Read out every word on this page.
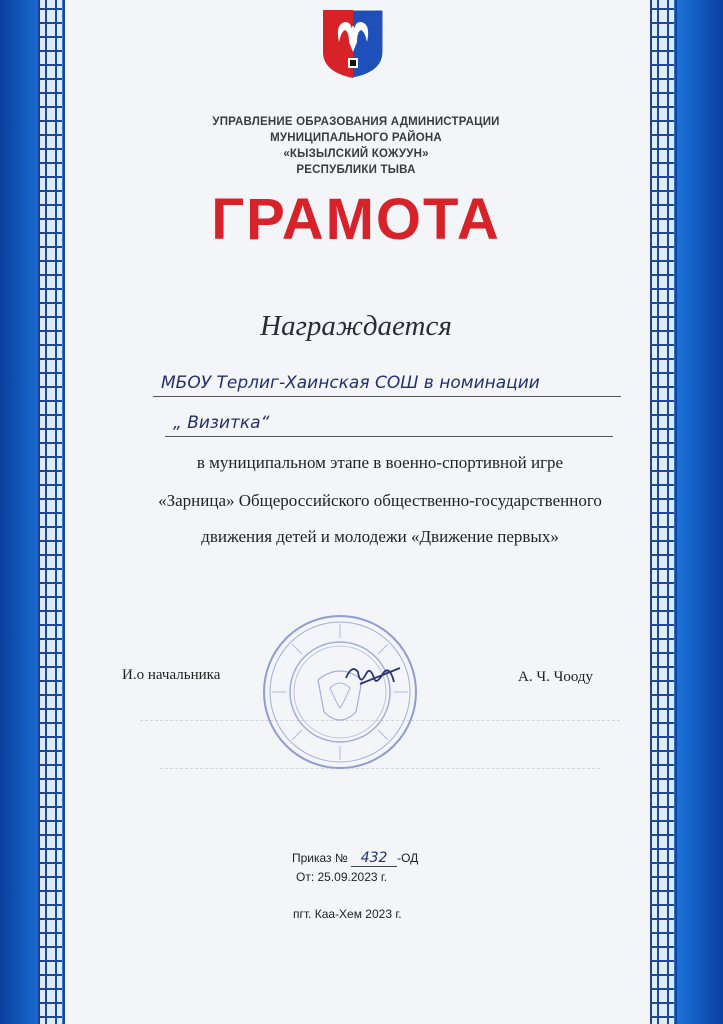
УПРАВЛЕНИЕ ОБРАЗОВАНИЯ АДМИНИСТРАЦИИ
МУНИЦИПАЛЬНОГО РАЙОНА
«КЫЗЫЛСКИЙ КОЖУУН»
РЕСПУБЛИКИ ТЫВА
ГРАМОТА
Награждается
МБОУ Терлиг-Хаинская СОШ в номинации
„ Визитка“
в муниципальном этапе в военно-спортивной игре
«Зарница» Общероссийского общественно-государственного
движения детей и молодежи «Движение первых»
И.о начальника	А. Ч. Чооду
Приказ № 432 -ОД
От: 25.09.2023 г.
пгт. Каа-Хем 2023 г.
